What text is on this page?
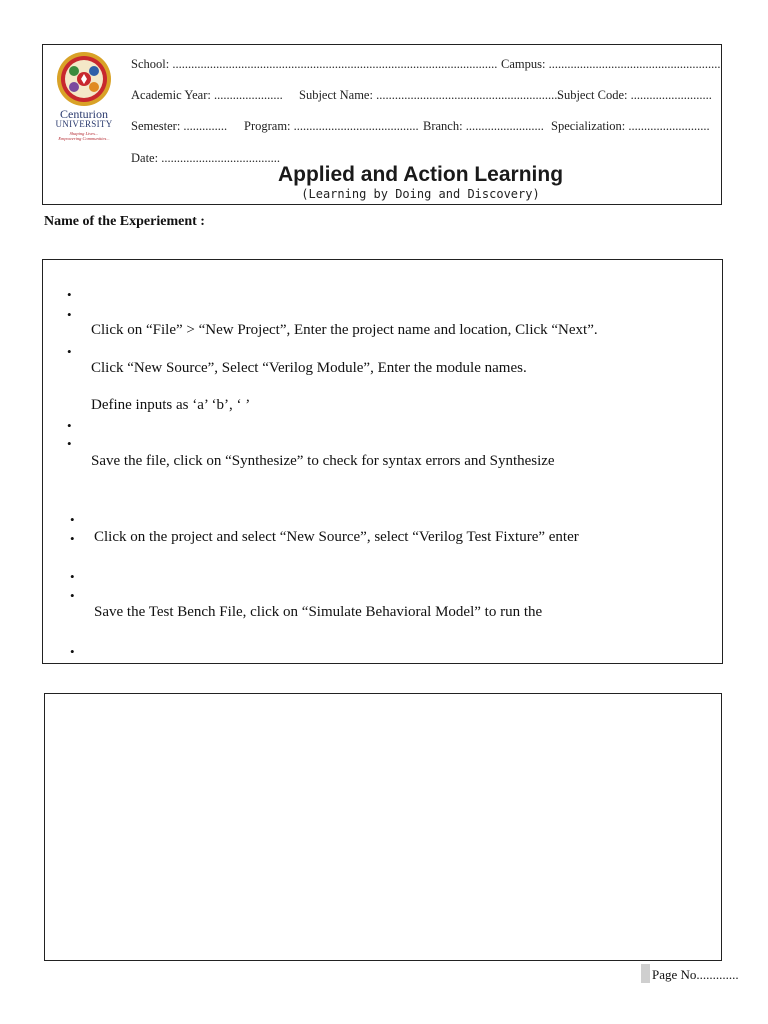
Centurion
UNIVERSITY
Shaping Lives...
Empowering Communities...
School: ........................................................................................................ Campus: .......................................................
Academic Year: ...................... Subject Name: ...........................................................
Subject Code: ..........................
Semester: .............. Program: ........................................ Branch: ......................... Specialization: ..........................
Date: ......................................
Applied and Action Learning
(Learning by Doing and Discovery)
Name of the Experiement :
•
•
Click on “File” > “New Project”, Enter the project name and location, Click “Next”.
•
Click “New Source”, Select “Verilog Module”, Enter the module names.
Define inputs as ‘a’ ‘b’, ‘ ’
•
•
Save the file, click on “Synthesize” to check for syntax errors and Synthesize
•
• Click on the project and select “New Source”, select “Verilog Test Fixture” enter
•
•
Save the Test Bench File, click on “Simulate Behavioral Model” to run the
•
Page No.............
